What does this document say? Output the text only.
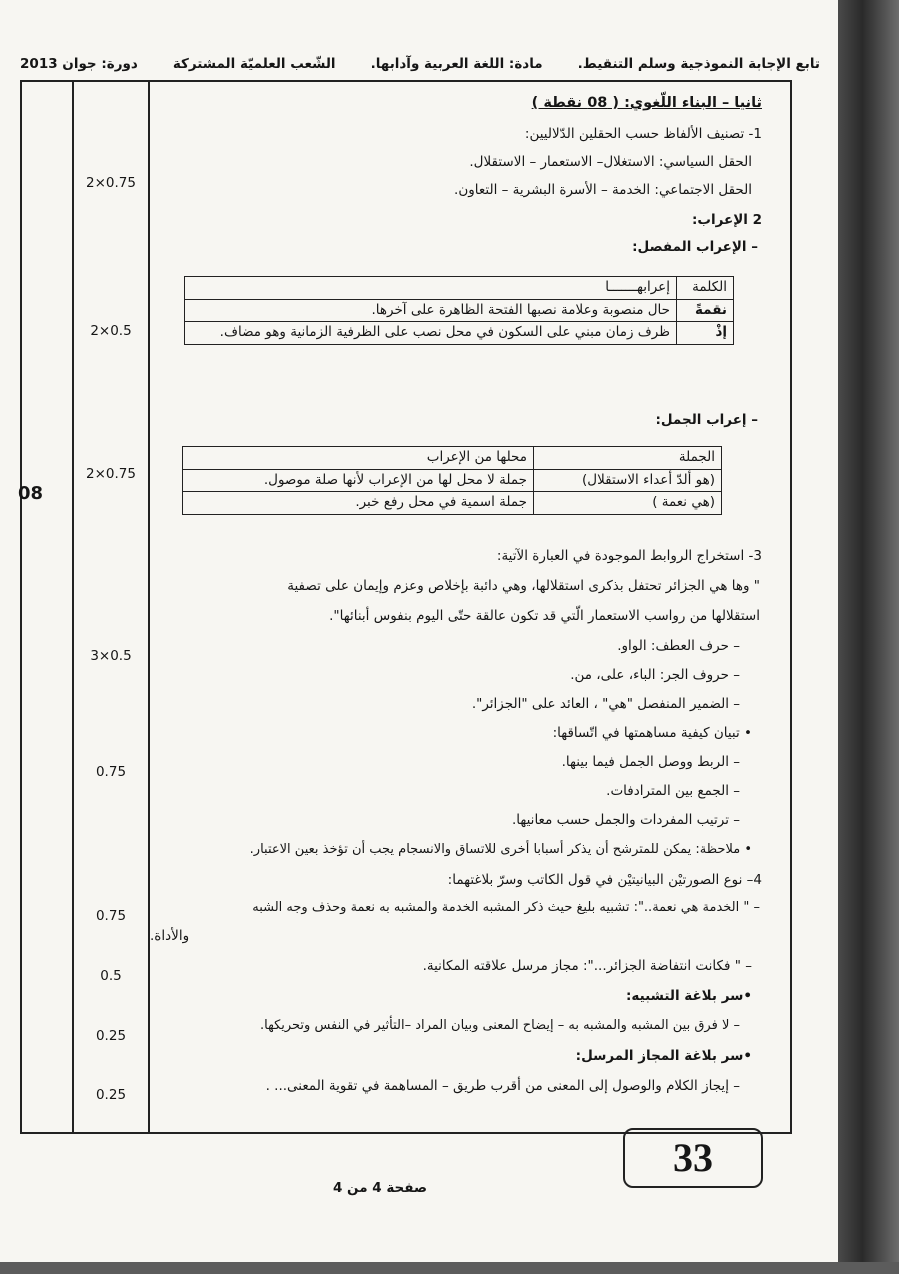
تابع الإجابة النموذجية وسلم التنقيط.
مادة: اللغة العربية وآدابها.
الشّعب العلميّة المشتركة
دورة: جوان 2013
08
2×0.75
2×0.5
2×0.75
3×0.5
0.75
0.75
0.5
0.25
0.25
ثانيا – البناء اللّغوي: ( 08 نقطة )
1- تصنيف الألفاظ حسب الحقلين الدّلاليين:
الحقل السياسي: الاستغلال– الاستعمار – الاستقلال.
الحقل الاجتماعي: الخدمة – الأسرة البشرية – التعاون.
2 الإعراب:
– الإعراب المفصل:
الكلمة	إعرابهـــــــا
نقمةً	حال منصوبة وعلامة نصبها الفتحة الظاهرة على آخرها.
إذْ	ظرف زمان مبني على السكون في محل نصب على الظرفية الزمانية وهو مضاف.
– إعراب الجمل:
الجملة	محلها من الإعراب
(هو ألدّ أعداء الاستقلال)	جملة لا محل لها من الإعراب لأنها صلة موصول.
(هي نعمة )	جملة اسمية في محل رفع خبر.
3- استخراج الروابط الموجودة في العبارة الآتية:
" وها هي الجزائر تحتفل بذكرى استقلالها، وهي دائبة بإخلاص وعزم وإيمان على تصفية
استقلالها من رواسب الاستعمار الّتي قد تكون عالقة حتّى اليوم بنفوس أبنائها".
– حرف العطف: الواو.
– حروف الجر: الباء، على، من.
– الضمير المنفصل "هي" ، العائد على "الجزائر".
• تبيان كيفية مساهمتها في اتّساقها:
– الربط ووصل الجمل فيما بينها.
– الجمع بين المترادفات.
– ترتيب المفردات والجمل حسب معانيها.
• ملاحظة: يمكن للمترشح أن يذكر أسبابا أخرى للاتساق والانسجام يجب أن تؤخذ بعين الاعتبار.
4– نوع الصورتيْن البيانيتيْن في قول الكاتب وسرّ بلاغتهما:
– " الخدمة هي نعمة..": تشبيه بليغ حيث ذكر المشبه الخدمة والمشبه به نعمة وحذف وجه الشبه
والأداة.
– " فكانت انتفاضة الجزائر...": مجاز مرسل علاقته المكانية.
•سر بلاغة التشبيه:
– لا فرق بين المشبه والمشبه به – إيضاح المعنى وبيان المراد –التأثير في النفس وتحريكها.
•سر بلاغة المجاز المرسل:
– إيجاز الكلام والوصول إلى المعنى من أقرب طريق – المساهمة في تقوية المعنى... .
33
صفحة 4 من 4
